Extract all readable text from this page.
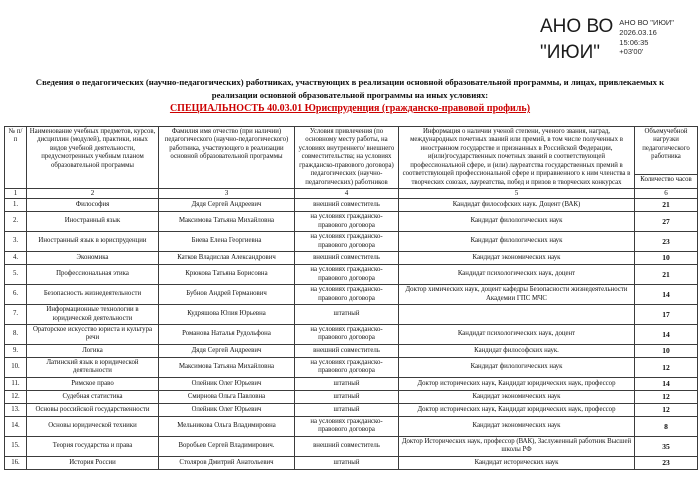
АНО ВО
"ИЮИ"
АНО ВО "ИЮИ"
2026.03.16
15:06:35
+03'00'
Сведения о педагогических (научно-педагогических) работниках, участвующих в реализации основной образовательной программы, и лицах, привлекаемых к реализации основной образовательной программы на иных условиях:
СПЕЦИАЛЬНОСТЬ 40.03.01 Юриспруденция (гражданско-правовой профиль)
№ п/п	Наименование учебных предметов, курсов, дисциплин (модулей), практики, иных видов учебной деятельности, предусмотренных учебным планом образовательной программы	Фамилия имя отчество (при наличии) педагогического (научно-педагогического) работника, участвующего в реализации основной образовательной программы	Условия привлечения (по основному месту работы, на условиях внутреннего/ внешнего совместительства; на условиях гражданско-правового договора) педагогических (научно-педагогических) работников	Информация о наличии ученой степени, ученого звания, наград, международных почетных званий или премий, в том числе полученных в иностранном государстве и признанных в Российской Федерации, и(или)государственных почетных званий в соответствующей профессиональной сфере, и (или) лауреатства государственных премий в соответствующей профессиональной сфере и приравненного к ним членства в творческих союзах, лауреатства, побед и призов в творческих конкурсах	Объемучебной нагрузки педагогического работника
					Количество часов
1	2	3	4	5	6
1.	Философия	Дядя Сергей Андреевич	внешний совместитель	Кандидат философских наук. Доцент (ВАК)	21
2.	Иностранный язык	Максимова Татьяна Михайловна	на условиях гражданско-правового договора	Кандидат филологических наук	27
3.	Иностранный язык в юриспруденции	Биева Елена Георгиевна	на условиях гражданско-правового договора	Кандидат филологических наук	23
4.	Экономика	Катков Владислав Александрович	внешний совместитель	Кандидат экономических наук	10
5.	Профессиональная этика	Крюкова Татьяна Борисовна	на условиях гражданско-правового договора	Кандидат психологических наук, доцент	21
6.	Безопасность жизнедеятельности	Бубнов Андрей Германович	на условиях гражданско-правового договора	Доктор химических наук, доцент кафедры Безопасности жизнедеятельности Академии ГПС МЧС	14
7.	Информационные технологии в юридической деятельности	Кудряшова Юлия Юрьевна	штатный		17
8.	Ораторское искусство юриста и культура речи	Романова Наталья Рудольфона	на условиях гражданско-правового договора	Кандидат психологических наук, доцент	14
9.	Логика	Дядя Сергей Андреевич	внешний совместитель	Кандидат философских наук.	10
10.	Латинский язык в юридической деятельности	Максимова Татьяна Михайловна	на условиях гражданско-правового договора	Кандидат филологических наук	12
11.	Римское право	Олейник Олег Юрьевич	штатный	Доктор исторических наук, Кандидат юридических наук, профессор	14
12.	Судебная статистика	Смирнова Ольга Павловна	штатный	Кандидат экономических наук	12
13.	Основы российской государственности	Олейник Олег Юрьевич	штатный	Доктор исторических наук, Кандидат юридических наук, профессор	12
14.	Основы юридической техники	Мельникова Ольга Владимировна	на условиях гражданско-правового договора	Кандидат экономических наук	8
15.	Теория государства и права	Воробьев Сергей Владимирович.	внешний совместитель	Доктор Исторических наук, профессор (ВАК), Заслуженный работник Высшей школы РФ	35
16.	История России	Столяров Дмитрий Анатольевич	штатный	Кандидат исторических наук	23
